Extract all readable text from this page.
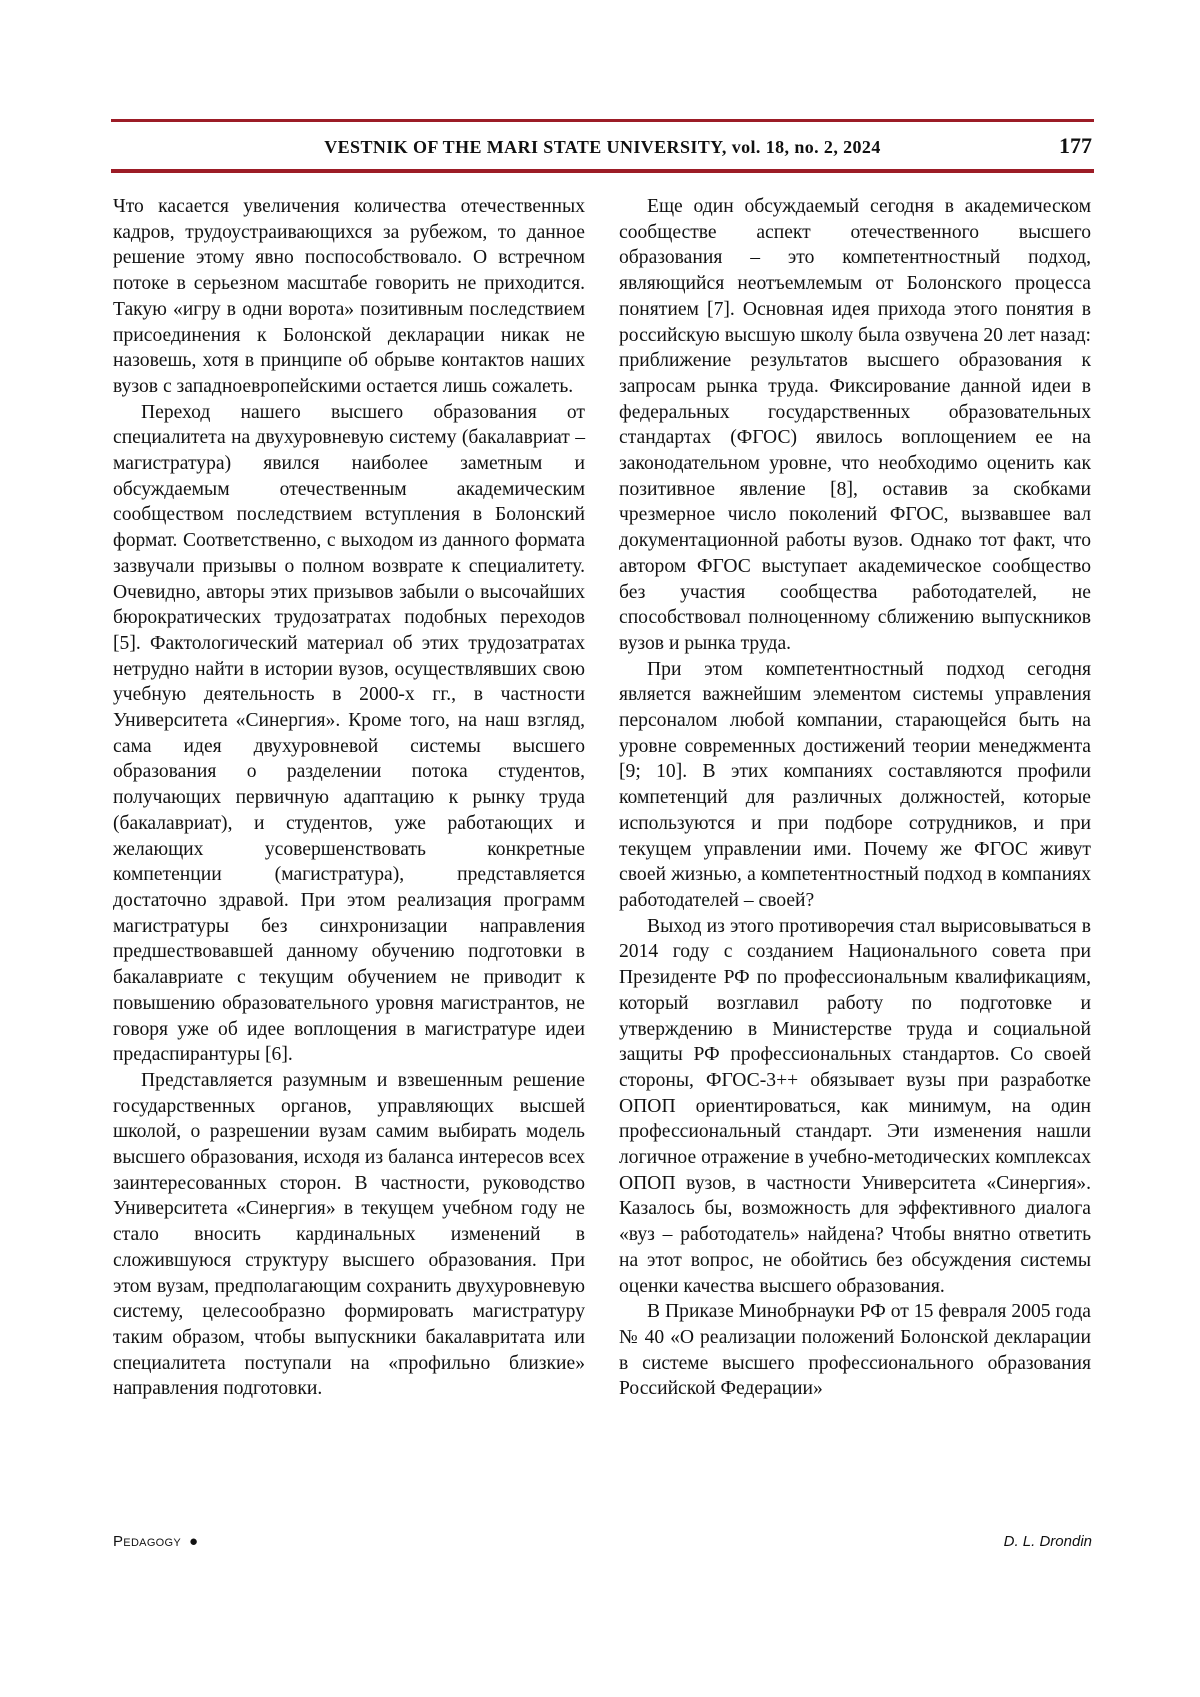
VESTNIK OF THE MARI STATE UNIVERSITY, vol. 18, no. 2, 2024	177

Что касается увеличения количества отечественных кадров, трудоустраивающихся за рубежом, то данное решение этому явно поспособствовало. О встречном потоке в серьезном масштабе говорить не приходится. Такую «игру в одни ворота» позитивным последствием присоединения к Болонской декларации никак не назовешь, хотя в принципе об обрыве контактов наших вузов с западноевропейскими остается лишь сожалеть.

Переход нашего высшего образования от специалитета на двухуровневую систему (бакалавриат – магистратура) явился наиболее заметным и обсуждаемым отечественным академическим сообществом последствием вступления в Болонский формат. Соответственно, с выходом из данного формата зазвучали призывы о полном возврате к специалитету. Очевидно, авторы этих призывов забыли о высочайших бюрократических трудозатратах подобных переходов [5]. Фактологический материал об этих трудозатратах нетрудно найти в истории вузов, осуществлявших свою учебную деятельность в 2000-х гг., в частности Университета «Синергия». Кроме того, на наш взгляд, сама идея двухуровневой системы высшего образования о разделении потока студентов, получающих первичную адаптацию к рынку труда (бакалавриат), и студентов, уже работающих и желающих усовершенствовать конкретные компетенции (магистратура), представляется достаточно здравой. При этом реализация программ магистратуры без синхронизации направления предшествовавшей данному обучению подготовки в бакалавриате с текущим обучением не приводит к повышению образовательного уровня магистрантов, не говоря уже об идее воплощения в магистратуре идеи предаспирантуры [6].

Представляется разумным и взвешенным решение государственных органов, управляющих высшей школой, о разрешении вузам самим выбирать модель высшего образования, исходя из баланса интересов всех заинтересованных сторон. В частности, руководство Университета «Синергия» в текущем учебном году не стало вносить кардинальных изменений в сложившуюся структуру высшего образования. При этом вузам, предполагающим сохранить двухуровневую систему, целесообразно формировать магистратуру таким образом, чтобы выпускники бакалавритата или специалитета поступали на «профильно близкие» направления подготовки.

Еще один обсуждаемый сегодня в академическом сообществе аспект отечественного высшего образования – это компетентностный подход, являющийся неотъемлемым от Болонского процесса понятием [7]. Основная идея прихода этого понятия в российскую высшую школу была озвучена 20 лет назад: приближение результатов высшего образования к запросам рынка труда. Фиксирование данной идеи в федеральных государственных образовательных стандартах (ФГОС) явилось воплощением ее на законодательном уровне, что необходимо оценить как позитивное явление [8], оставив за скобками чрезмерное число поколений ФГОС, вызвавшее вал документационной работы вузов. Однако тот факт, что автором ФГОС выступает академическое сообщество без участия сообщества работодателей, не способствовал полноценному сближению выпускников вузов и рынка труда.

При этом компетентностный подход сегодня является важнейшим элементом системы управления персоналом любой компании, старающейся быть на уровне современных достижений теории менеджмента [9; 10]. В этих компаниях составляются профили компетенций для различных должностей, которые используются и при подборе сотрудников, и при текущем управлении ими. Почему же ФГОС живут своей жизнью, а компетентностный подход в компаниях работодателей – своей?

Выход из этого противоречия стал вырисовываться в 2014 году с созданием Национального совета при Президенте РФ по профессиональным квалификациям, который возглавил работу по подготовке и утверждению в Министерстве труда и социальной защиты РФ профессиональных стандартов. Со своей стороны, ФГОС-3++ обязывает вузы при разработке ОПОП ориентироваться, как минимум, на один профессиональный стандарт. Эти изменения нашли логичное отражение в учебно-методических комплексах ОПОП вузов, в частности Университета «Синергия». Казалось бы, возможность для эффективного диалога «вуз – работодатель» найдена? Чтобы внятно ответить на этот вопрос, не обойтись без обсуждения системы оценки качества высшего образования.

В Приказе Минобрнауки РФ от 15 февраля 2005 года № 40 «О реализации положений Болонской декларации в системе высшего профессионального образования Российской Федерации»

Pedagogy ●	D. L. Drondin
